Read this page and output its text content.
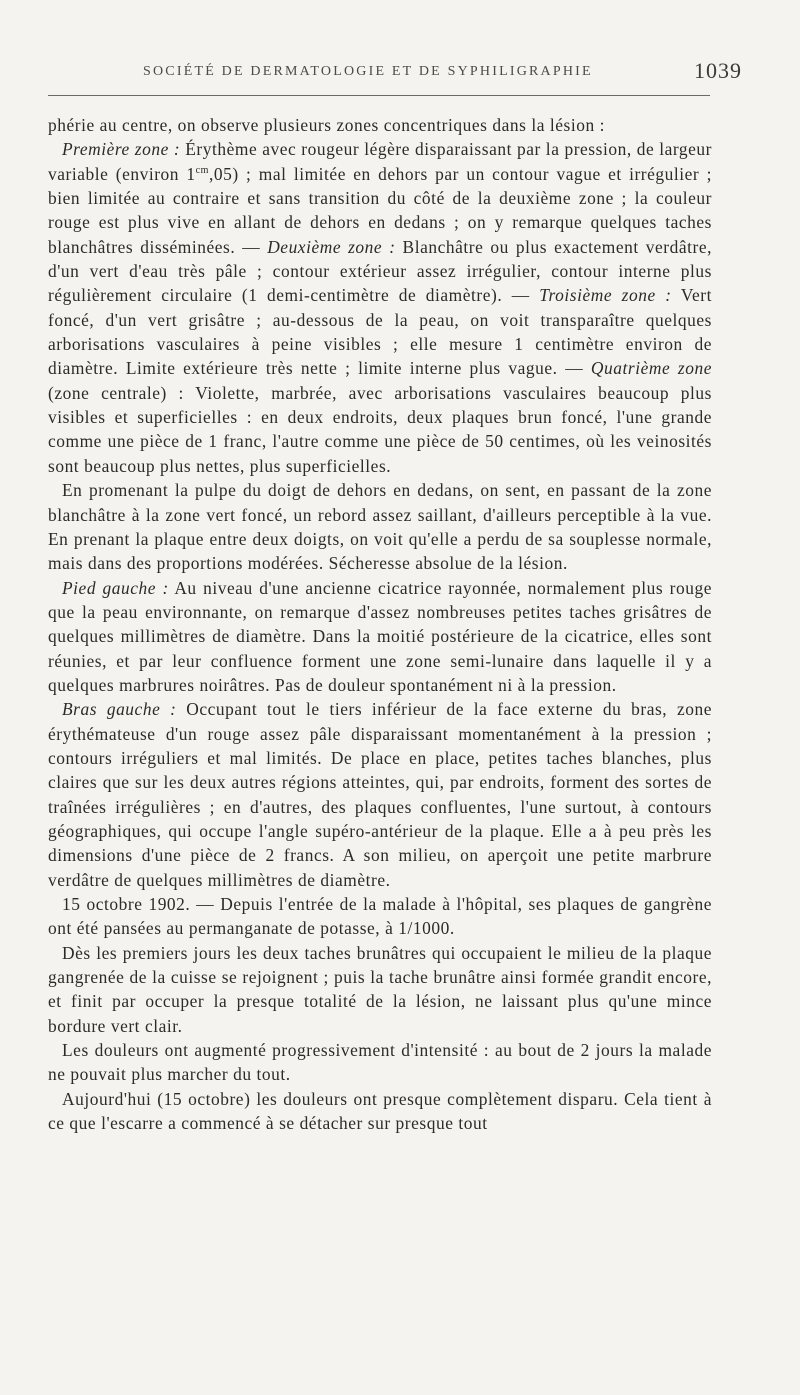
SOCIÉTÉ DE DERMATOLOGIE ET DE SYPHILIGRAPHIE	1039

phérie au centre, on observe plusieurs zones concentriques dans la lésion :

Première zone : Érythème avec rougeur légère disparaissant par la pression, de largeur variable (environ $1^{cm},05$) ; mal limitée en dehors par un contour vague et irrégulier ; bien limitée au contraire et sans transition du côté de la deuxième zone ; la couleur rouge est plus vive en allant de dehors en dedans ; on y remarque quelques taches blanchâtres disséminées. — Deuxième zone : Blanchâtre ou plus exactement verdâtre, d'un vert d'eau très pâle ; contour extérieur assez irrégulier, contour interne plus régulièrement circulaire (1 demi-centimètre de diamètre). — Troisième zone : Vert foncé, d'un vert grisâtre ; au-dessous de la peau, on voit transparaître quelques arborisations vasculaires à peine visibles ; elle mesure 1 centimètre environ de diamètre. Limite extérieure très nette ; limite interne plus vague. — Quatrième zone (zone centrale) : Violette, marbrée, avec arborisations vasculaires beaucoup plus visibles et superficielles : en deux endroits, deux plaques brun foncé, l'une grande comme une pièce de 1 franc, l'autre comme une pièce de 50 centimes, où les veinosités sont beaucoup plus nettes, plus superficielles.

En promenant la pulpe du doigt de dehors en dedans, on sent, en passant de la zone blanchâtre à la zone vert foncé, un rebord assez saillant, d'ailleurs perceptible à la vue. En prenant la plaque entre deux doigts, on voit qu'elle a perdu de sa souplesse normale, mais dans des proportions modérées. Sécheresse absolue de la lésion.

Pied gauche : Au niveau d'une ancienne cicatrice rayonnée, normalement plus rouge que la peau environnante, on remarque d'assez nombreuses petites taches grisâtres de quelques millimètres de diamètre. Dans la moitié postérieure de la cicatrice, elles sont réunies, et par leur confluence forment une zone semi-lunaire dans laquelle il y a quelques marbrures noirâtres. Pas de douleur spontanément ni à la pression.

Bras gauche : Occupant tout le tiers inférieur de la face externe du bras, zone érythémateuse d'un rouge assez pâle disparaissant momentanément à la pression ; contours irréguliers et mal limités. De place en place, petites taches blanches, plus claires que sur les deux autres régions atteintes, qui, par endroits, forment des sortes de traînées irrégulières ; en d'autres, des plaques confluentes, l'une surtout, à contours géographiques, qui occupe l'angle supéro-antérieur de la plaque. Elle a à peu près les dimensions d'une pièce de 2 francs. A son milieu, on aperçoit une petite marbrure verdâtre de quelques millimètres de diamètre.

15 octobre 1902. — Depuis l'entrée de la malade à l'hôpital, ses plaques de gangrène ont été pansées au permanganate de potasse, à 1/1000.

Dès les premiers jours les deux taches brunâtres qui occupaient le milieu de la plaque gangrenée de la cuisse se rejoignent ; puis la tache brunâtre ainsi formée grandit encore, et finit par occuper la presque totalité de la lésion, ne laissant plus qu'une mince bordure vert clair.

Les douleurs ont augmenté progressivement d'intensité : au bout de 2 jours la malade ne pouvait plus marcher du tout.

Aujourd'hui (15 octobre) les douleurs ont presque complètement disparu. Cela tient à ce que l'escarre a commencé à se détacher sur presque tout
